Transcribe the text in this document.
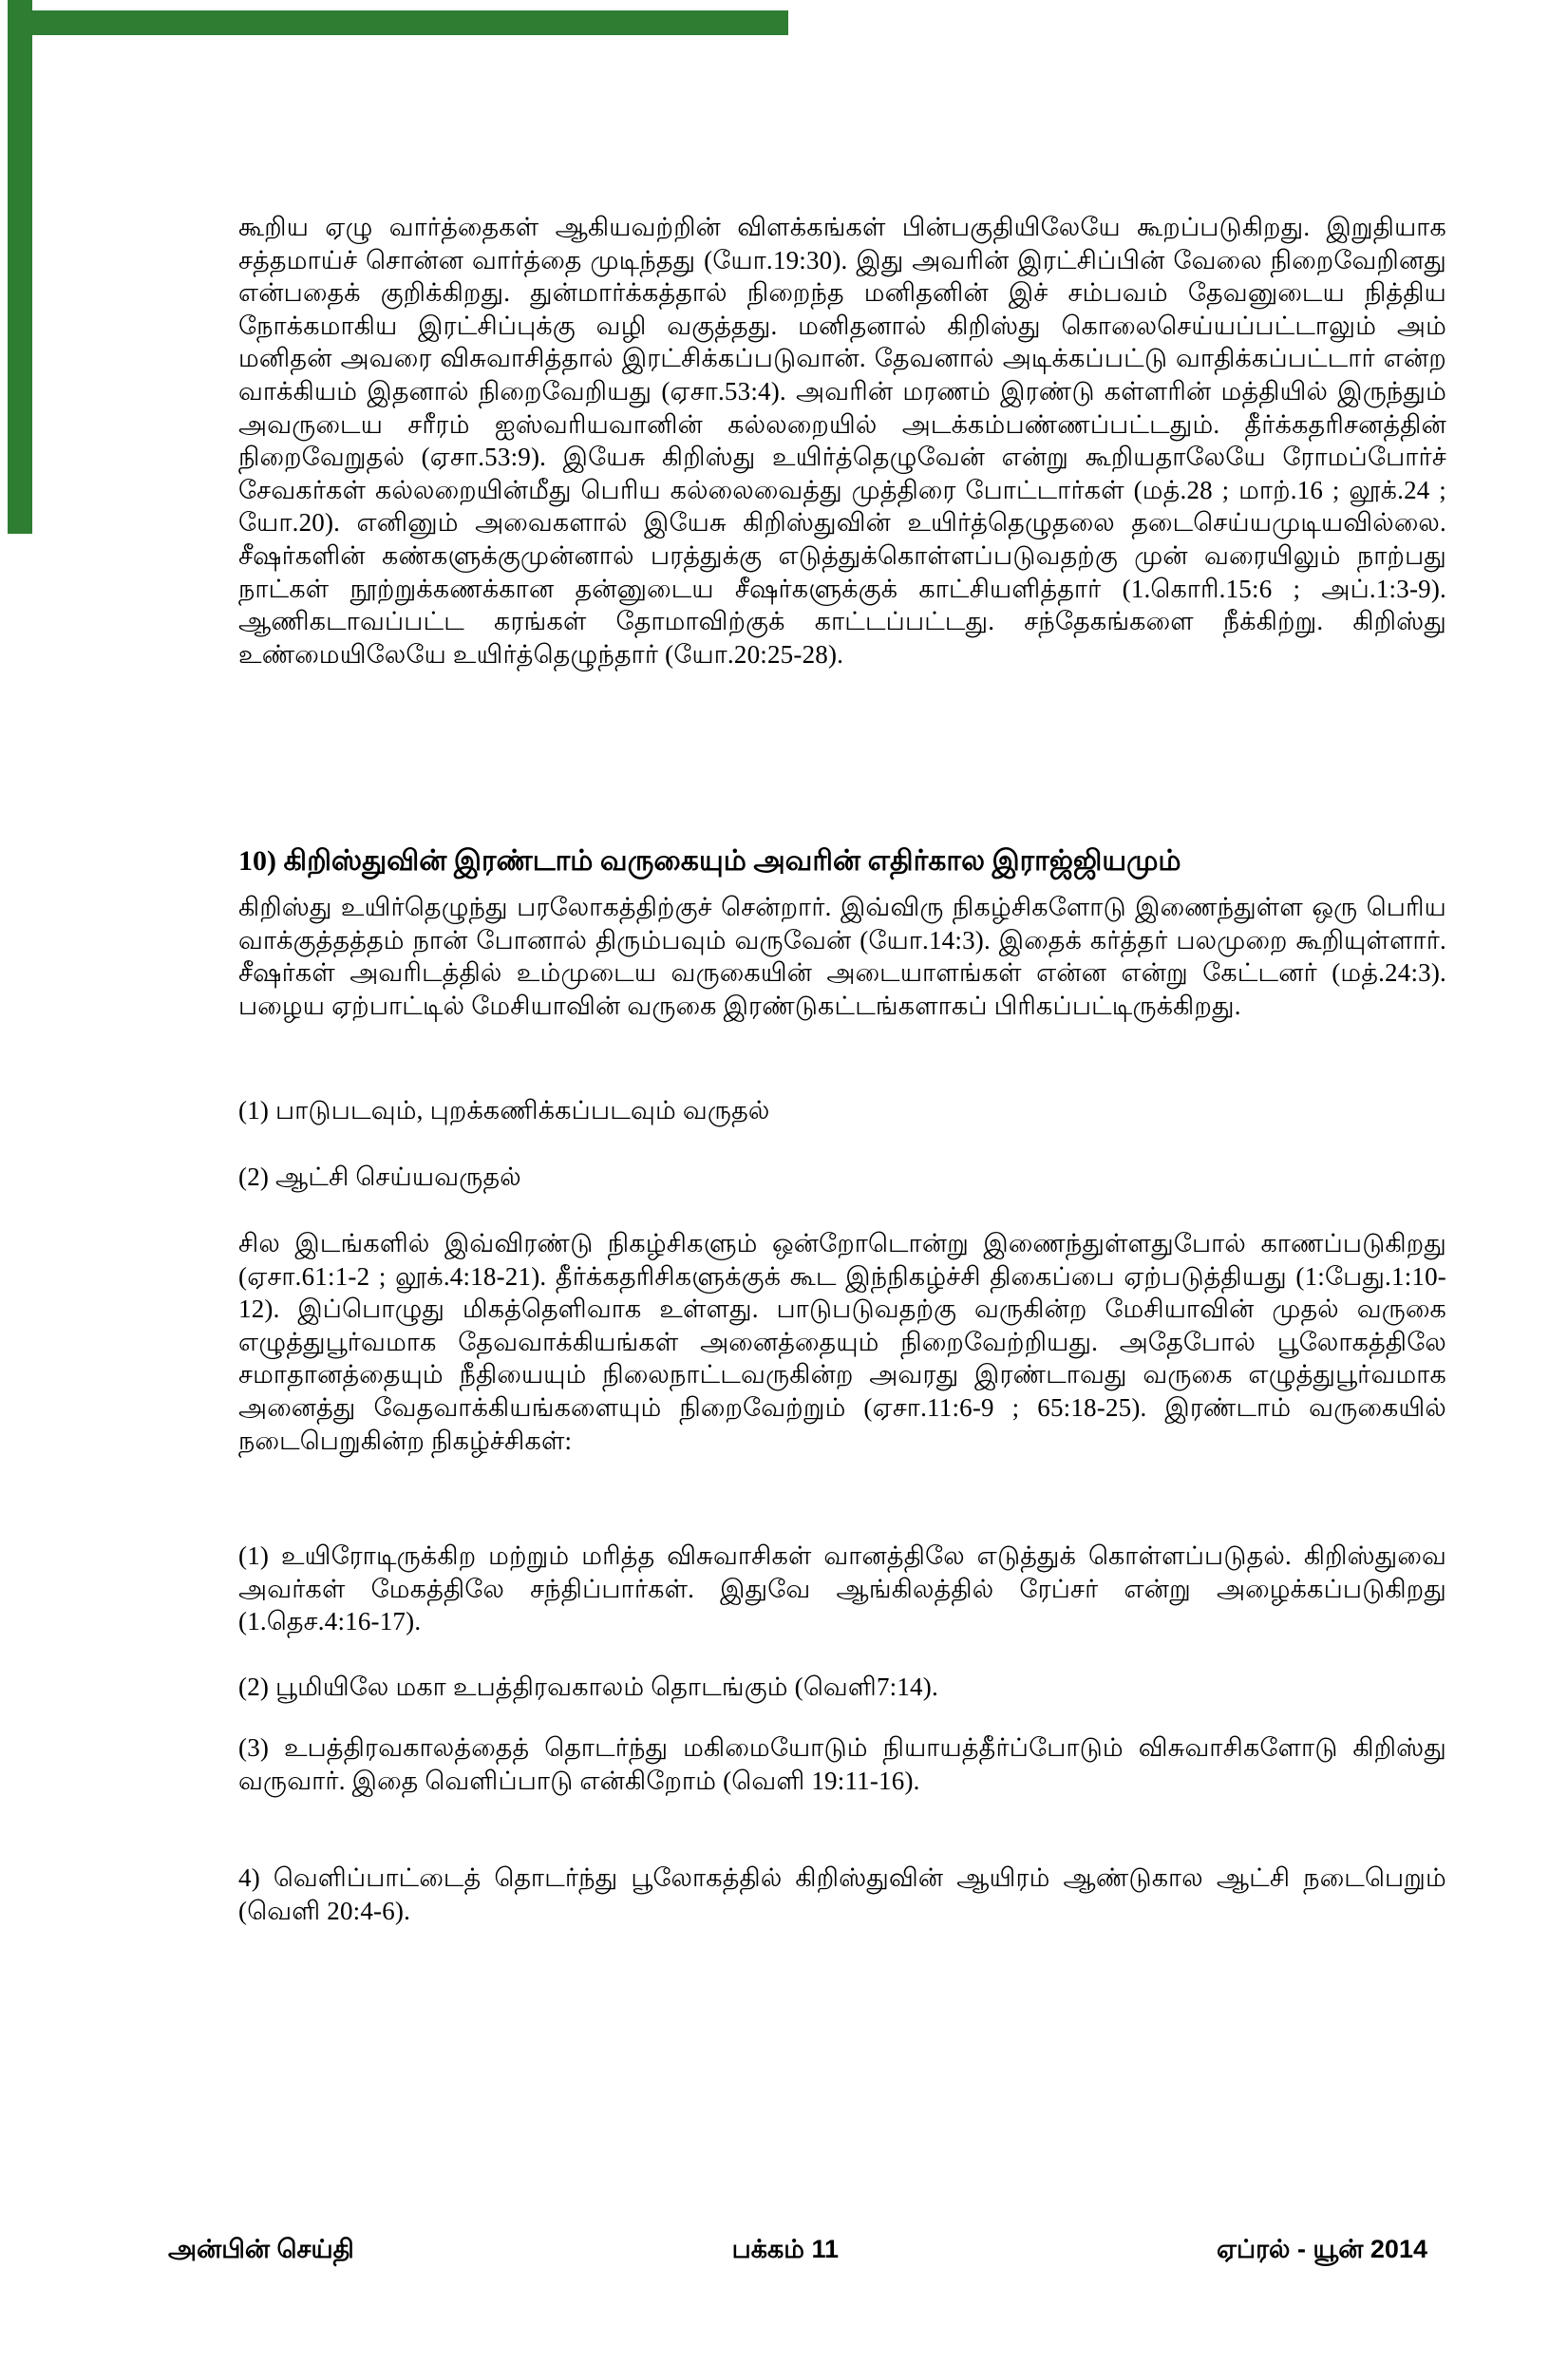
கூறிய ஏழு வார்த்தைகள் ஆகியவற்றின் விளக்கங்கள் பின்பகுதியிலேயே கூறப்படுகிறது. இறுதியாக சத்தமாய்ச் சொன்ன வார்த்தை முடிந்தது (யோ.19:30). இது அவரின் இரட்சிப்பின் வேலை நிறைவேறினது என்பதைக் குறிக்கிறது. துன்மார்க்கத்தால் நிறைந்த மனிதனின் இச் சம்பவம் தேவனுடைய நித்திய நோக்கமாகிய இரட்சிப்புக்கு வழி வகுத்தது. மனிதனால் கிறிஸ்து கொலைசெய்யப்பட்டாலும் அம் மனிதன் அவரை விசுவாசித்தால் இரட்சிக்கப்படுவான். தேவனால் அடிக்கப்பட்டு வாதிக்கப்பட்டார் என்ற வாக்கியம் இதனால் நிறைவேறியது (ஏசா.53:4). அவரின் மரணம் இரண்டு கள்ளரின் மத்தியில் இருந்தும் அவருடைய சரீரம் ஐஸ்வரியவானின் கல்லறையில் அடக்கம்பண்ணப்பட்டதும். தீர்க்கதரிசனத்தின் நிறைவேறுதல் (ஏசா.53:9). இயேசு கிறிஸ்து உயிர்த்தெழுவேன் என்று கூறியதாலேயே ரோமப்போர்ச் சேவகர்கள் கல்லறையின்மீது பெரிய கல்லைவைத்து முத்திரை போட்டார்கள் (மத்.28 ; மாற்.16 ; லூக்.24 ; யோ.20). எனினும் அவைகளால் இயேசு கிறிஸ்துவின் உயிர்த்தெழுதலை தடைசெய்யமுடியவில்லை. சீஷர்களின் கண்களுக்குமுன்னால் பரத்துக்கு எடுத்துக்கொள்ளப்படுவதற்கு முன் வரையிலும் நாற்பது நாட்கள் நூற்றுக்கணக்கான தன்னுடைய சீஷர்களுக்குக் காட்சியளித்தார் (1.கொரி.15:6 ; அப்.1:3-9). ஆணிகடாவப்பட்ட கரங்கள் தோமாவிற்குக் காட்டப்பட்டது. சந்தேகங்களை நீக்கிற்று. கிறிஸ்து உண்மையிலேயே உயிர்த்தெழுந்தார் (யோ.20:25-28).
10) கிறிஸ்துவின் இரண்டாம் வருகையும் அவரின் எதிர்கால இராஜ்ஜியமும்
கிறிஸ்து உயிர்தெழுந்து பரலோகத்திற்குச் சென்றார். இவ்விரு நிகழ்சிகளோடு இணைந்துள்ள ஒரு பெரிய வாக்குத்தத்தம் நான் போனால் திரும்பவும் வருவேன் (யோ.14:3). இதைக் கர்த்தர் பலமுறை கூறியுள்ளார். சீஷர்கள் அவரிடத்தில் உம்முடைய வருகையின் அடையாளங்கள் என்ன என்று கேட்டனர் (மத்.24:3). பழைய ஏற்பாட்டில் மேசியாவின் வருகை இரண்டுகட்டங்களாகப் பிரிகப்பட்டிருக்கிறது.
(1) பாடுபடவும், புறக்கணிக்கப்படவும் வருதல்
(2) ஆட்சி செய்யவருதல்
சில இடங்களில் இவ்விரண்டு நிகழ்சிகளும் ஒன்றோடொன்று இணைந்துள்ளதுபோல் காணப்படுகிறது (ஏசா.61:1-2 ; லூக்.4:18-21). தீர்க்கதரிசிகளுக்குக் கூட இந்நிகழ்ச்சி திகைப்பை ஏற்படுத்தியது (1:பேது.1:10-12). இப்பொழுது மிகத்தெளிவாக உள்ளது. பாடுபடுவதற்கு வருகின்ற மேசியாவின் முதல் வருகை எழுத்துபூர்வமாக தேவவாக்கியங்கள் அனைத்தையும் நிறைவேற்றியது. அதேபோல் பூலோகத்திலே சமாதானத்தையும் நீதியையும் நிலைநாட்டவருகின்ற அவரது இரண்டாவது வருகை எழுத்துபூர்வமாக அனைத்து வேதவாக்கியங்களையும் நிறைவேற்றும் (ஏசா.11:6-9 ; 65:18-25). இரண்டாம் வருகையில் நடைபெறுகின்ற நிகழ்ச்சிகள்:
(1) உயிரோடிருக்கிற மற்றும் மரித்த விசுவாசிகள் வானத்திலே எடுத்துக் கொள்ளப்படுதல். கிறிஸ்துவை அவர்கள் மேகத்திலே சந்திப்பார்கள். இதுவே ஆங்கிலத்தில் ரேப்சர் என்று அழைக்கப்படுகிறது (1.தெச.4:16-17).
(2) பூமியிலே மகா உபத்திரவகாலம் தொடங்கும் (வெளி7:14).
(3) உபத்திரவகாலத்தைத் தொடர்ந்து மகிமையோடும் நியாயத்தீர்ப்போடும் விசுவாசிகளோடு கிறிஸ்து வருவார். இதை வெளிப்பாடு என்கிறோம் (வெளி 19:11-16).
4) வெளிப்பாட்டைத் தொடர்ந்து பூலோகத்தில் கிறிஸ்துவின் ஆயிரம் ஆண்டுகால ஆட்சி நடைபெறும் (வெளி 20:4-6).
அன்பின் செய்தி	பக்கம் 11	ஏப்ரல் - யூன் 2014
